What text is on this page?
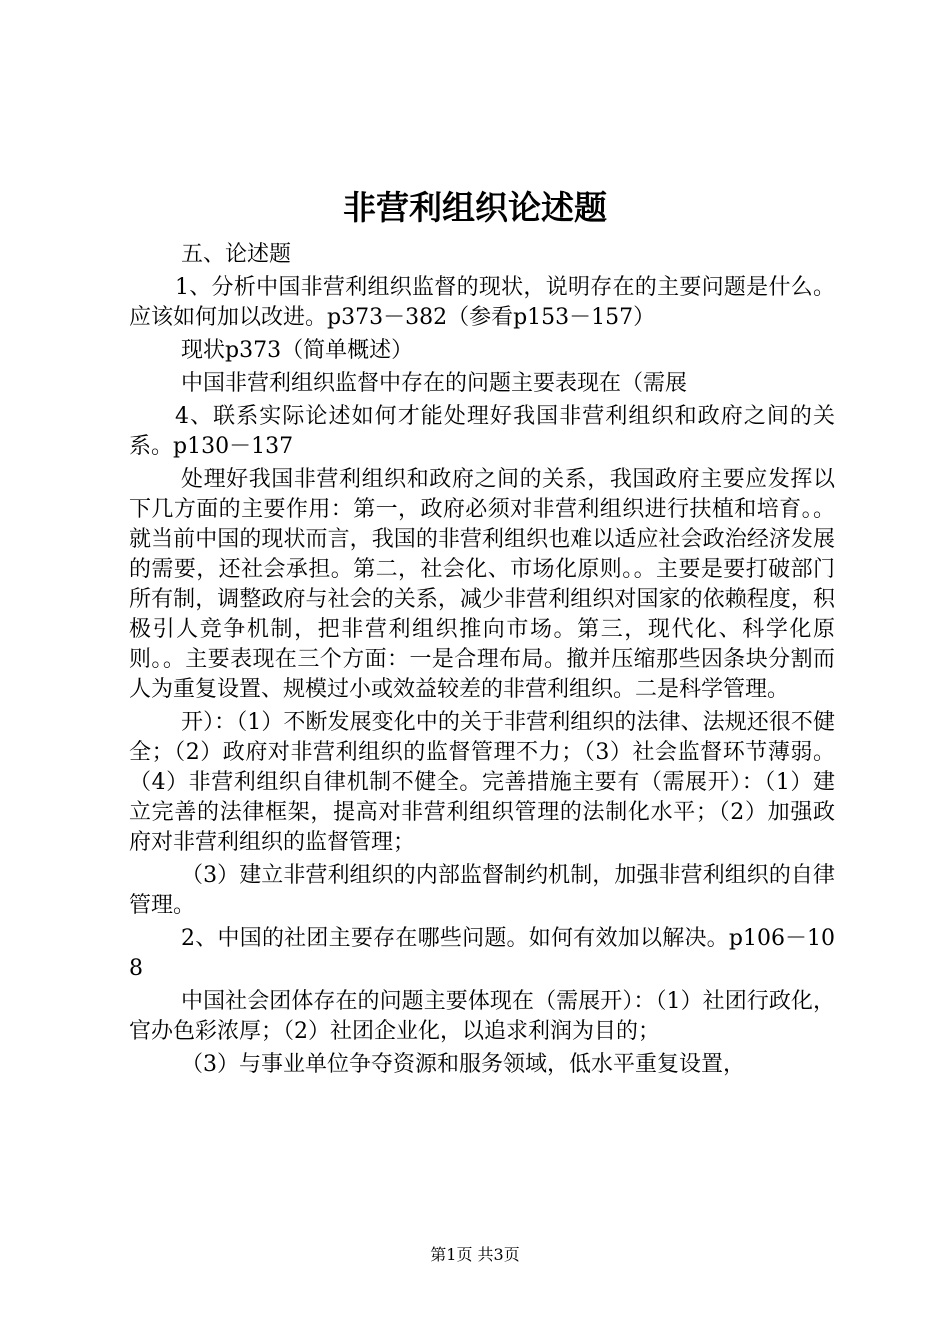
非营利组织论述题

五、论述题

1、分析中国非营利组织监督的现状，说明存在的主要问题是什么。应该如何加以改进。p373－382（参看p153－157）

现状p373（简单概述）

中国非营利组织监督中存在的问题主要表现在（需展

4、联系实际论述如何才能处理好我国非营利组织和政府之间的关系。p130－137

处理好我国非营利组织和政府之间的关系，我国政府主要应发挥以下几方面的主要作用：第一，政府必须对非营利组织进行扶植和培育。。就当前中国的现状而言，我国的非营利组织也难以适应社会政治经济发展的需要，还社会承担。第二，社会化、市场化原则。。主要是要打破部门所有制，调整政府与社会的关系，减少非营利组织对国家的依赖程度，积极引人竞争机制，把非营利组织推向市场。第三，现代化、科学化原则。。主要表现在三个方面：一是合理布局。撤并压缩那些因条块分割而人为重复设置、规模过小或效益较差的非营利组织。二是科学管理。

开）：（1）不断发展变化中的关于非营利组织的法律、法规还很不健全；（2）政府对非营利组织的监督管理不力；（3）社会监督环节薄弱。（4）非营利组织自律机制不健全。完善措施主要有（需展开）：（1）建立完善的法律框架，提高对非营利组织管理的法制化水平；（2）加强政府对非营利组织的监督管理；

（3）建立非营利组织的内部监督制约机制，加强非营利组织的自律管理。

2、中国的社团主要存在哪些问题。如何有效加以解决。p106－108

中国社会团体存在的问题主要体现在（需展开）：（1）社团行政化，官办色彩浓厚；（2）社团企业化，以追求利润为目的；

（3）与事业单位争夺资源和服务领域，低水平重复设置，

第1页 共3页
